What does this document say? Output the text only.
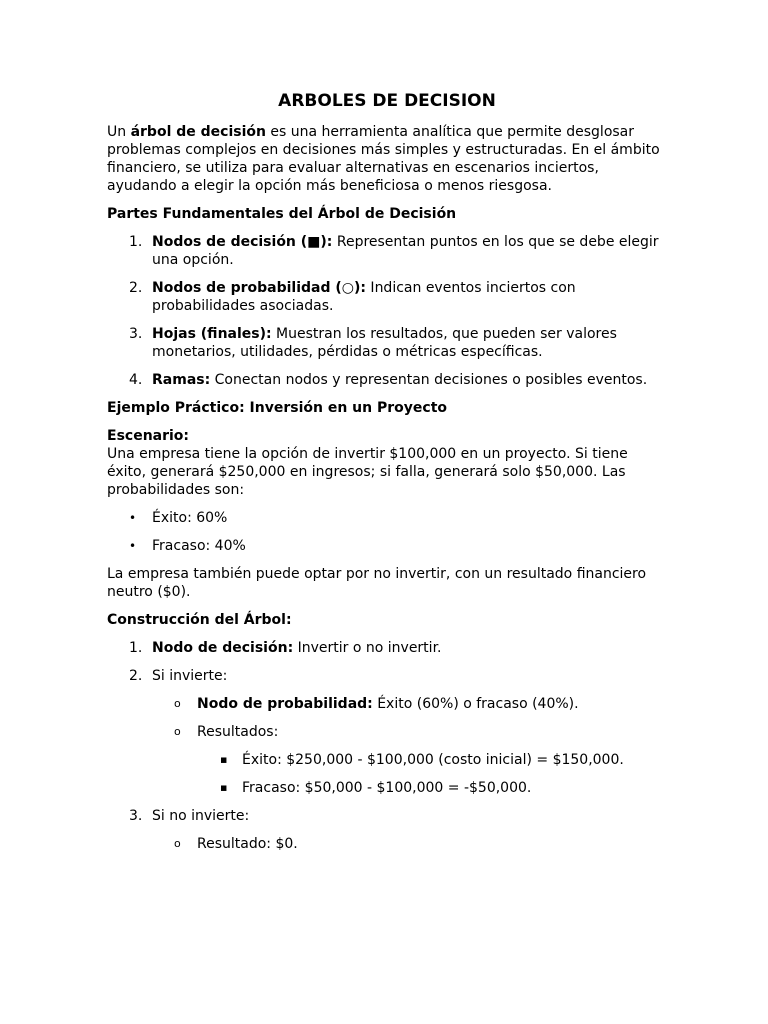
ARBOLES DE DECISION

Un árbol de decisión es una herramienta analítica que permite desglosar problemas complejos en decisiones más simples y estructuradas. En el ámbito financiero, se utiliza para evaluar alternativas en escenarios inciertos, ayudando a elegir la opción más beneficiosa o menos riesgosa.

Partes Fundamentales del Árbol de Decisión
1. Nodos de decisión (■): Representan puntos en los que se debe elegir una opción.
2. Nodos de probabilidad (○): Indican eventos inciertos con probabilidades asociadas.
3. Hojas (finales): Muestran los resultados, que pueden ser valores monetarios, utilidades, pérdidas o métricas específicas.
4. Ramas: Conectan nodos y representan decisiones o posibles eventos.
Ejemplo Práctico: Inversión en un Proyecto

Escenario:
Una empresa tiene la opción de invertir $100,000 en un proyecto. Si tiene éxito, generará $250,000 en ingresos; si falla, generará solo $50,000. Las probabilidades son:

• Éxito: 60%
• Fracaso: 40%

La empresa también puede optar por no invertir, con un resultado financiero neutro ($0).

Construcción del Árbol:
1. Nodo de decisión: Invertir o no invertir.
2. Si invierte:
o Nodo de probabilidad: Éxito (60%) o fracaso (40%).
o Resultados:
▪ Éxito: $250,000 - $100,000 (costo inicial) = $150,000.
▪ Fracaso: $50,000 - $100,000 = -$50,000.
3. Si no invierte:
o Resultado: $0.
